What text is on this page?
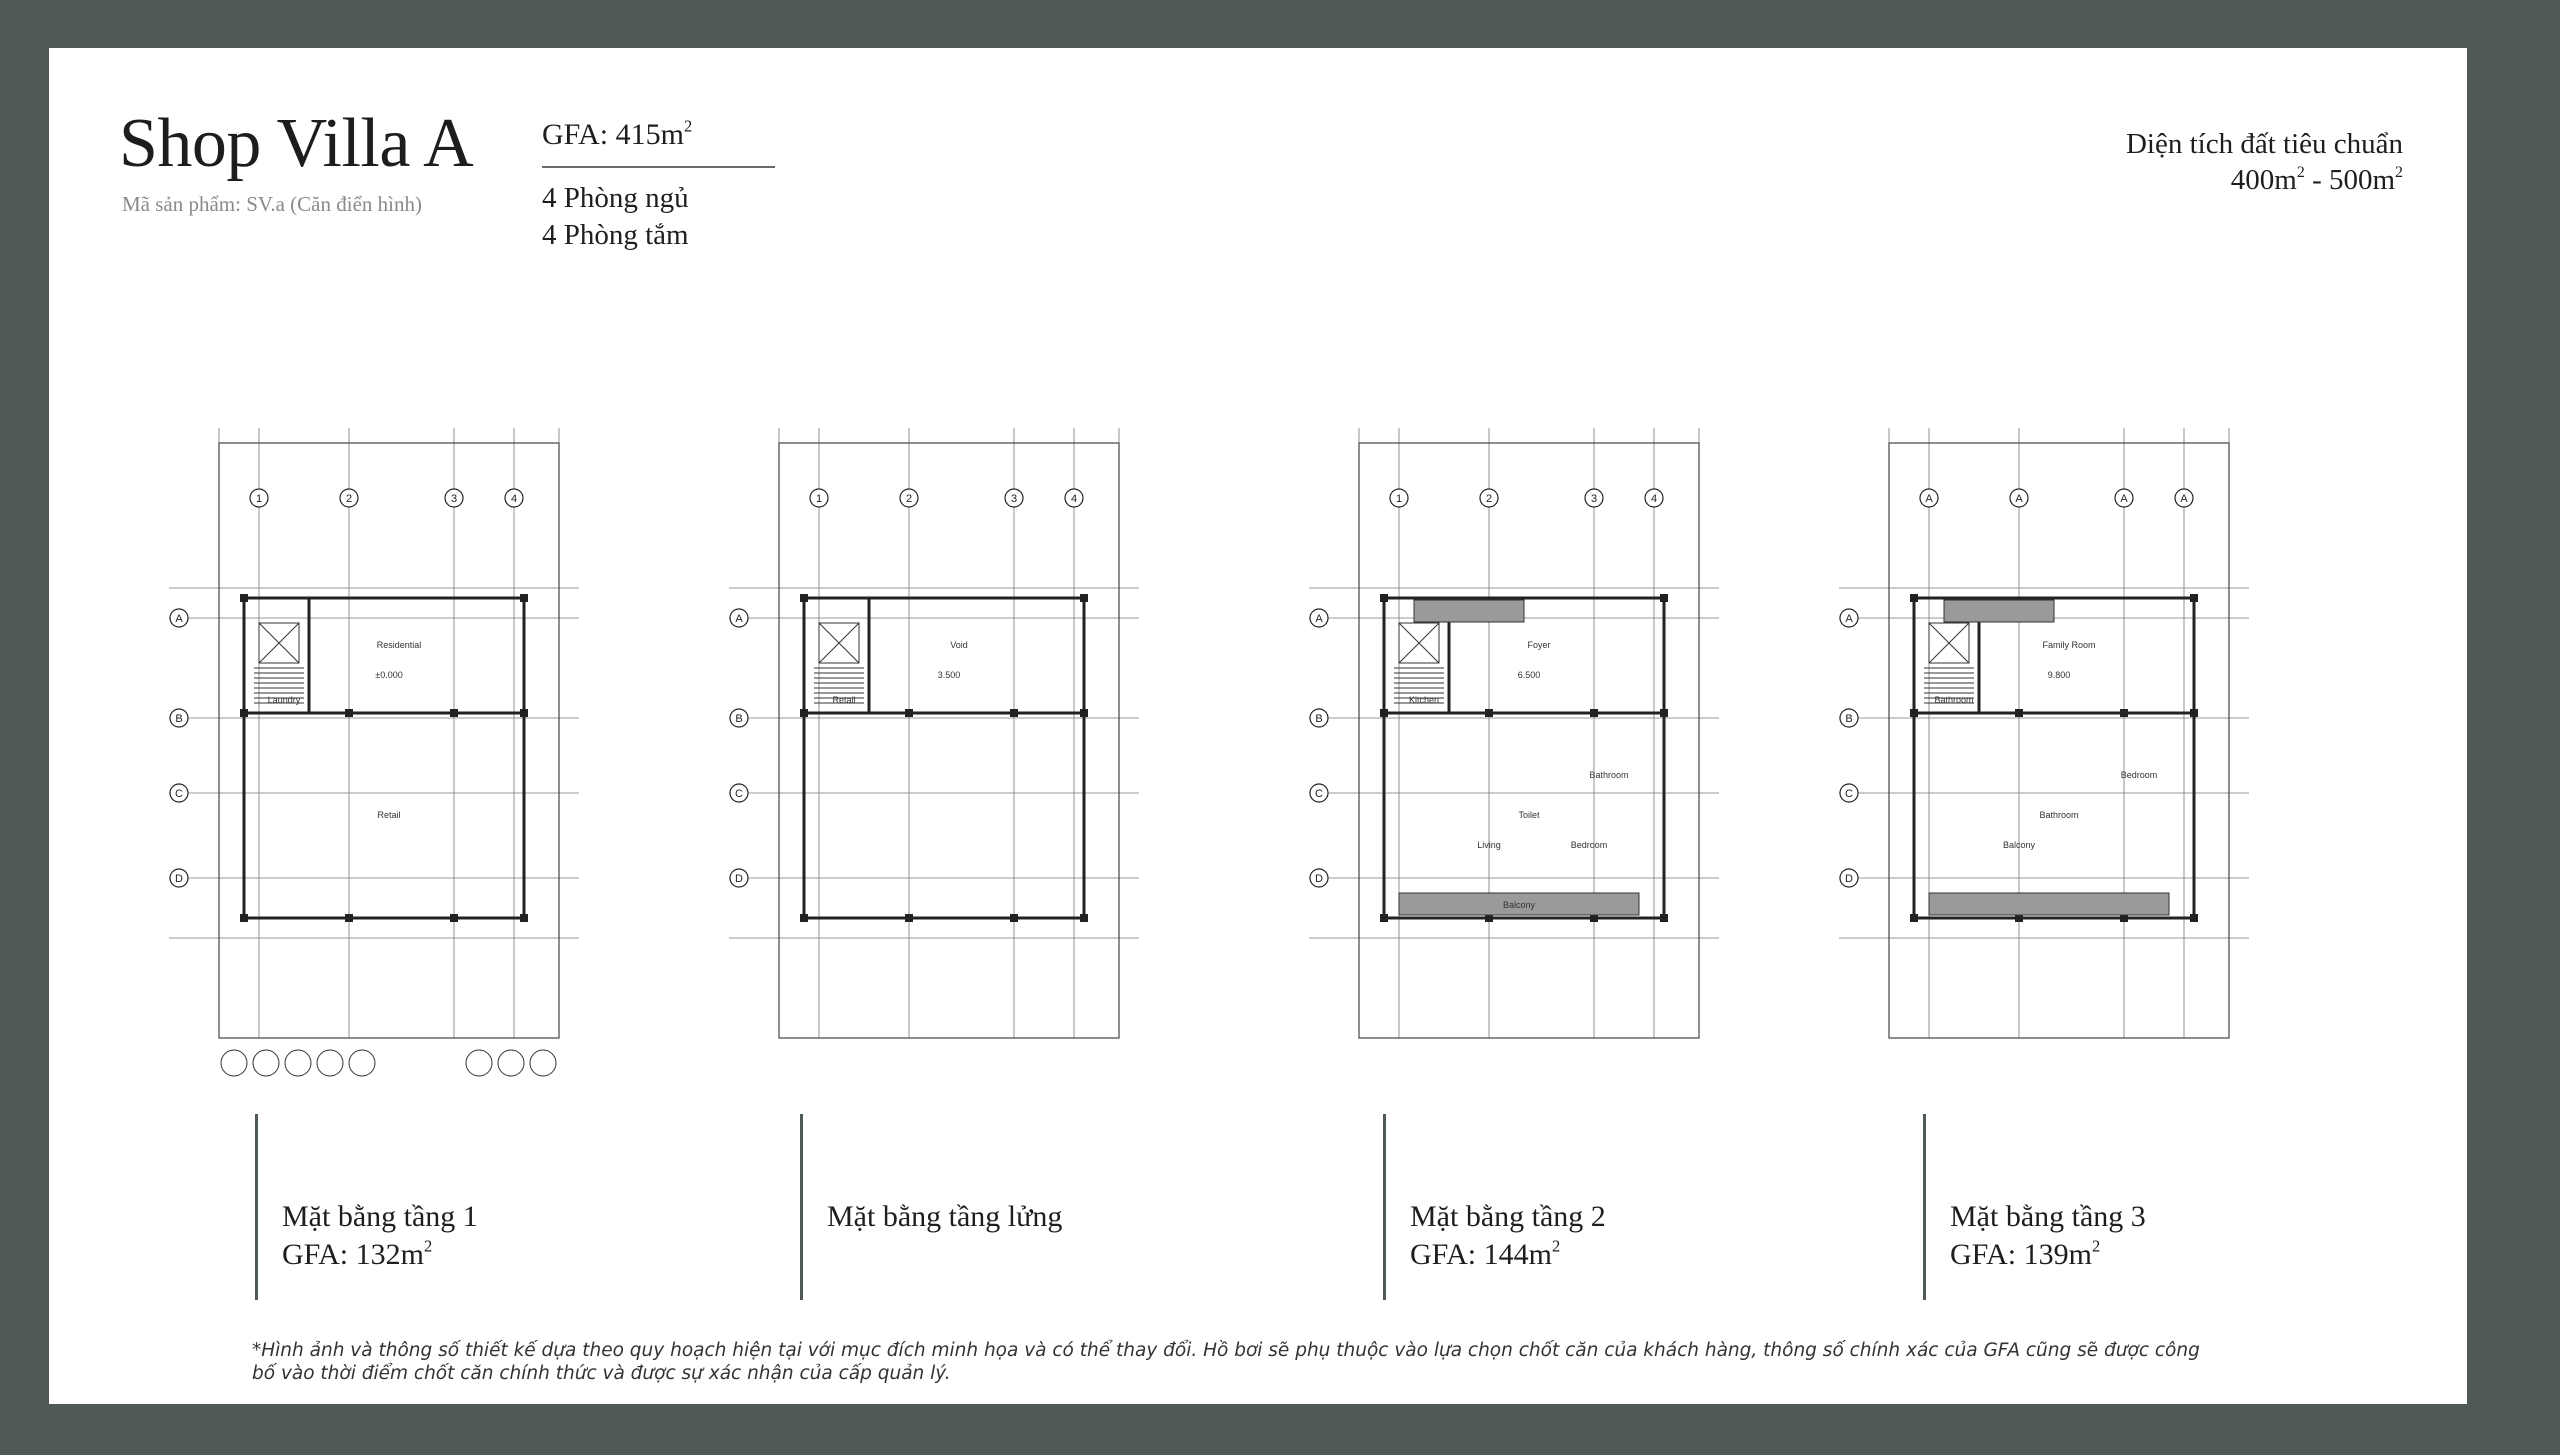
Shop Villa A
Mã sản phẩm: SV.a (Căn điển hình)
GFA: $415m^2$
4 Phòng ngủ
4 Phòng tắm
Diện tích đất tiêu chuẩn
$400m^2 - 500m^2$
1	2	3	4
A
B
C
D
Residential
Laundry
Retail
±0.000
1	2	3	4
A
B
C
D
Void
Retail
3.500
1	2	3	4
A
B
C
D
Foyer
Kitchen
Toilet
Bathroom
Living	Bedroom
Balcony
6.500
A	A	A	A
A
B
C
D
Family Room
Bathroom
Bathroom
Bedroom
Balcony
9.800
Mặt bằng tầng 1
GFA: $132m^2$
Mặt bằng tầng lửng	Mặt bằng tầng 2
GFA: $144m^2$
Mặt bằng tầng 3
GFA: $139m^2$
*Hình ảnh và thông số thiết kế dựa theo quy hoạch hiện tại với mục đích minh họa và có thể thay đổi. Hồ bơi sẽ phụ thuộc vào lựa chọn chốt căn của khách hàng, thông số chính xác của GFA cũng sẽ được công bố vào thời điểm chốt căn chính thức và được sự xác nhận của cấp quản lý.
